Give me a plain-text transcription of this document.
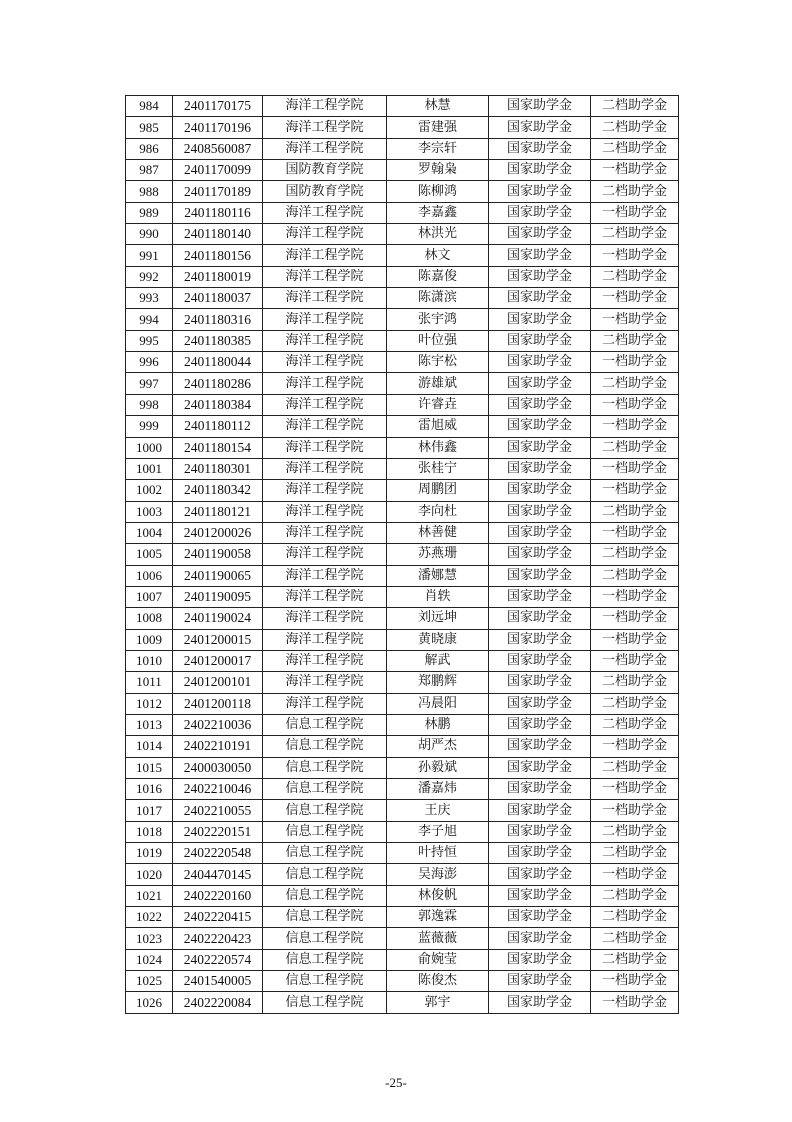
984	2401170175	海洋工程学院	林慧	国家助学金	二档助学金
985	2401170196	海洋工程学院	雷建强	国家助学金	二档助学金
986	2408560087	海洋工程学院	李宗轩	国家助学金	二档助学金
987	2401170099	国防教育学院	罗翰枭	国家助学金	一档助学金
988	2401170189	国防教育学院	陈柳鸿	国家助学金	二档助学金
989	2401180116	海洋工程学院	李嘉鑫	国家助学金	一档助学金
990	2401180140	海洋工程学院	林洪光	国家助学金	二档助学金
991	2401180156	海洋工程学院	林文	国家助学金	一档助学金
992	2401180019	海洋工程学院	陈嘉俊	国家助学金	二档助学金
993	2401180037	海洋工程学院	陈潇滨	国家助学金	一档助学金
994	2401180316	海洋工程学院	张宇鸿	国家助学金	一档助学金
995	2401180385	海洋工程学院	叶位强	国家助学金	二档助学金
996	2401180044	海洋工程学院	陈宇松	国家助学金	一档助学金
997	2401180286	海洋工程学院	游雄斌	国家助学金	二档助学金
998	2401180384	海洋工程学院	许睿垚	国家助学金	一档助学金
999	2401180112	海洋工程学院	雷旭威	国家助学金	一档助学金
1000	2401180154	海洋工程学院	林伟鑫	国家助学金	二档助学金
1001	2401180301	海洋工程学院	张桂宁	国家助学金	一档助学金
1002	2401180342	海洋工程学院	周鹏团	国家助学金	一档助学金
1003	2401180121	海洋工程学院	李向杜	国家助学金	二档助学金
1004	2401200026	海洋工程学院	林善健	国家助学金	一档助学金
1005	2401190058	海洋工程学院	苏燕珊	国家助学金	二档助学金
1006	2401190065	海洋工程学院	潘娜慧	国家助学金	二档助学金
1007	2401190095	海洋工程学院	肖轶	国家助学金	一档助学金
1008	2401190024	海洋工程学院	刘远坤	国家助学金	一档助学金
1009	2401200015	海洋工程学院	黄晓康	国家助学金	一档助学金
1010	2401200017	海洋工程学院	解武	国家助学金	一档助学金
1011	2401200101	海洋工程学院	郑鹏辉	国家助学金	二档助学金
1012	2401200118	海洋工程学院	冯晨阳	国家助学金	二档助学金
1013	2402210036	信息工程学院	林鹏	国家助学金	二档助学金
1014	2402210191	信息工程学院	胡严杰	国家助学金	一档助学金
1015	2400030050	信息工程学院	孙毅斌	国家助学金	二档助学金
1016	2402210046	信息工程学院	潘嘉炜	国家助学金	一档助学金
1017	2402210055	信息工程学院	王庆	国家助学金	一档助学金
1018	2402220151	信息工程学院	李子旭	国家助学金	二档助学金
1019	2402220548	信息工程学院	叶持恒	国家助学金	二档助学金
1020	2404470145	信息工程学院	吴海澎	国家助学金	一档助学金
1021	2402220160	信息工程学院	林俊帆	国家助学金	二档助学金
1022	2402220415	信息工程学院	郭逸霖	国家助学金	二档助学金
1023	2402220423	信息工程学院	蓝薇薇	国家助学金	二档助学金
1024	2402220574	信息工程学院	俞婉莹	国家助学金	二档助学金
1025	2401540005	信息工程学院	陈俊杰	国家助学金	一档助学金
1026	2402220084	信息工程学院	郭宇	国家助学金	一档助学金
-25-
